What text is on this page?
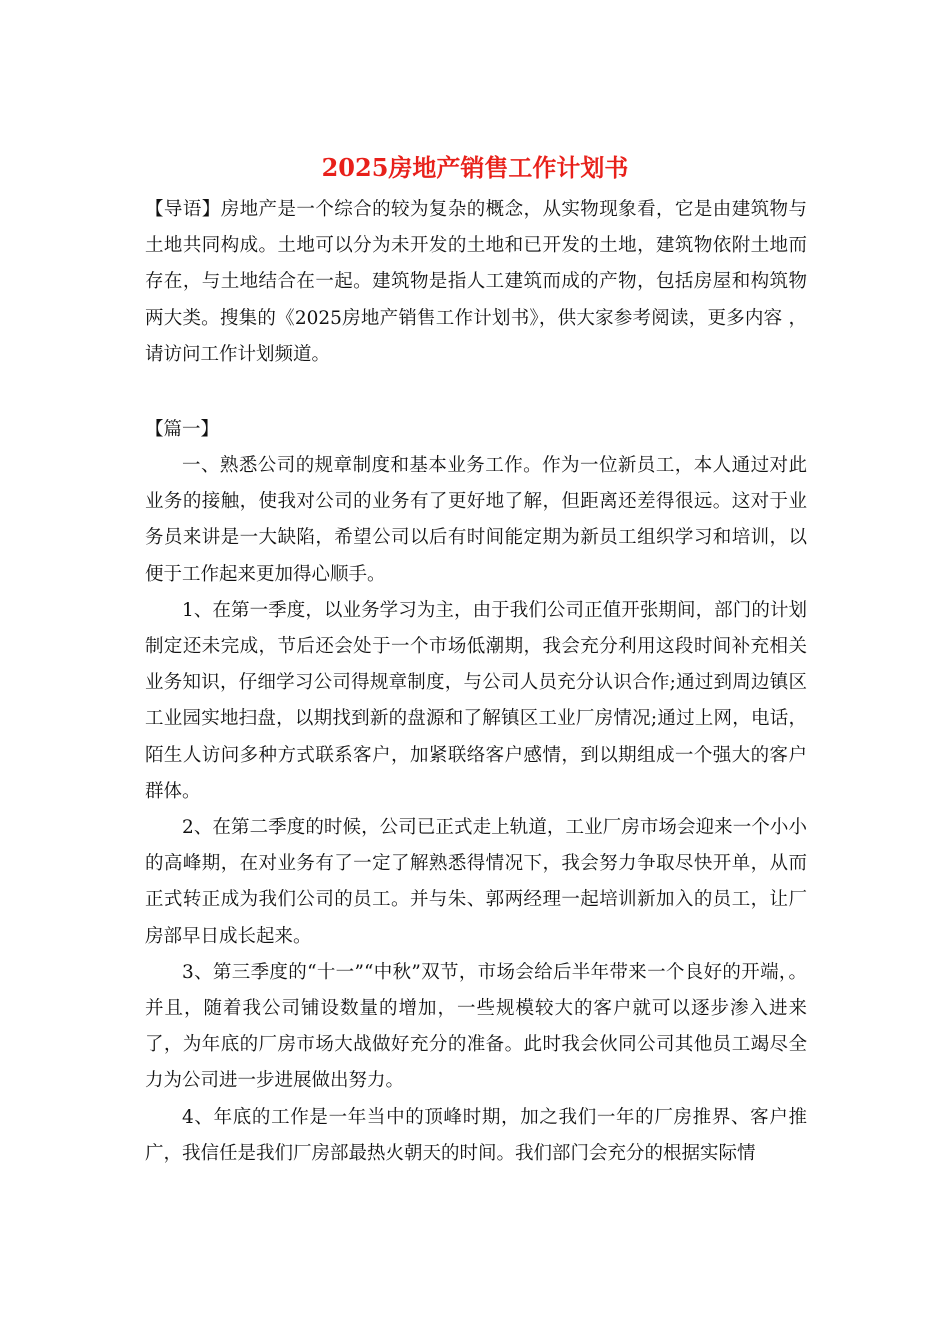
2025房地产销售工作计划书

【导语】房地产是一个综合的较为复杂的概念，从实物现象看，它是由建筑物与土地共同构成。土地可以分为未开发的土地和已开发的土地，建筑物依附土地而存在，与土地结合在一起。建筑物是指人工建筑而成的产物，包括房屋和构筑物两大类。搜集的《2025房地产销售工作计划书》，供大家参考阅读，更多内容 ，请访问工作计划频道。

【篇一】

一、熟悉公司的规章制度和基本业务工作。作为一位新员工，本人通过对此业务的接触，使我对公司的业务有了更好地了解，但距离还差得很远。这对于业务员来讲是一大缺陷，希望公司以后有时间能定期为新员工组织学习和培训，以便于工作起来更加得心顺手。

1、在第一季度，以业务学习为主，由于我们公司正值开张期间，部门的计划制定还未完成，节后还会处于一个市场低潮期，我会充分利用这段时间补充相关业务知识，仔细学习公司得规章制度，与公司人员充分认识合作;通过到周边镇区工业园实地扫盘，以期找到新的盘源和了解镇区工业厂房情况;通过上网，电话，陌生人访问多种方式联系客户，加紧联络客户感情，到以期组成一个强大的客户群体。

2、在第二季度的时候，公司已正式走上轨道，工业厂房市场会迎来一个小小的高峰期，在对业务有了一定了解熟悉得情况下，我会努力争取尽快开单，从而正式转正成为我们公司的员工。并与朱、郭两经理一起培训新加入的员工，让厂房部早日成长起来。

3、第三季度的“十一”“中秋”双节，市场会给后半年带来一个良好的开端，。并且，随着我公司铺设数量的增加，一些规模较大的客户就可以逐步渗入进来了，为年底的厂房市场大战做好充分的准备。此时我会伙同公司其他员工竭尽全力为公司进一步进展做出努力。

4、年底的工作是一年当中的顶峰时期，加之我们一年的厂房推界、客户推广，我信任是我们厂房部最热火朝天的时间。我们部门会充分的根据实际情
